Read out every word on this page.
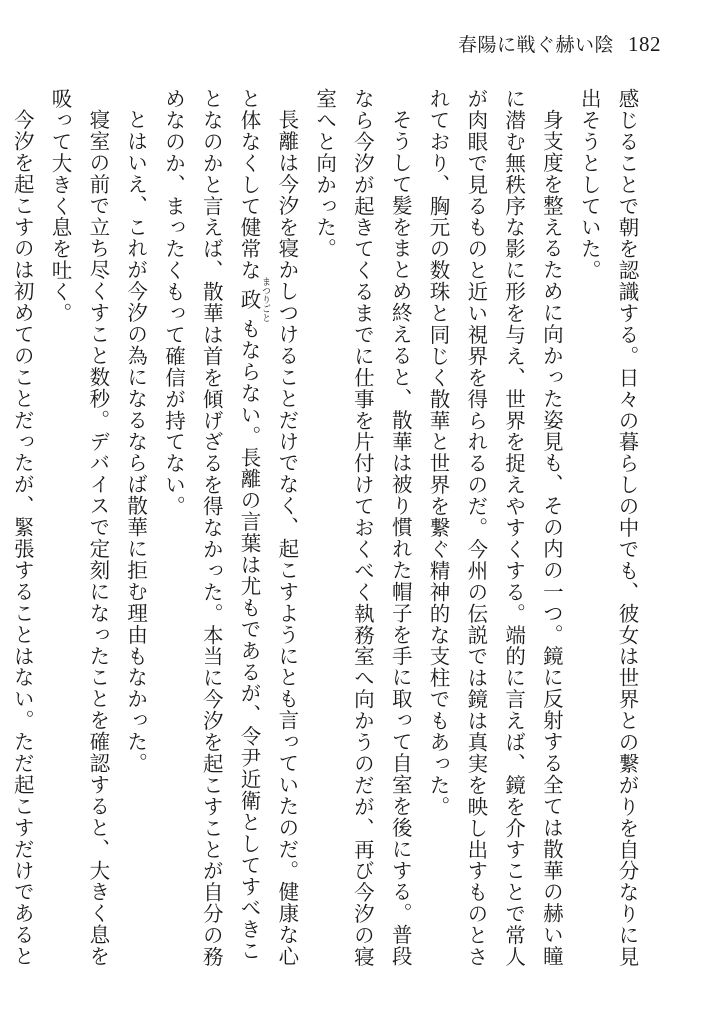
春陽に戦ぐ赫い陰 182

感じることで朝を認識する。日々の暮らしの中でも、彼女は世界との繋がりを自分なりに見出そうとしていた。

身支度を整えるために向かった姿見も、その内の一つ。鏡に反射する全ては散華の赫い瞳に潜む無秩序な影に形を与え、世界を捉えやすくする。端的に言えば、鏡を介すことで常人が肉眼で見るものと近い視界を得られるのだ。今州の伝説では鏡は真実を映し出すものとされており、胸元の数珠と同じく散華と世界を繋ぐ精神的な支柱でもあった。

そうして髪をまとめ終えると、散華は被り慣れた帽子を手に取って自室を後にする。普段なら今汐が起きてくるまでに仕事を片付けておくべく執務室へ向かうのだが、再び今汐の寝室へと向かった。

長離は今汐を寝かしつけることだけでなく、起こすようにとも言っていたのだ。健康な心と体なくして健常な政 まつりごともならない。長離の言葉は尤もであるが、令尹近衛としてすべきことなのかと言えば、散華は首を傾げざるを得なかった。本当に今汐を起こすことが自分の務めなのか、まったくもって確信が持てない。

とはいえ、これが今汐の為になるならば散華に拒む理由もなかった。

寝室の前で立ち尽くすこと数秒。デバイスで定刻になったことを確認すると、大きく息を吸って大きく息を吐く。

今汐を起こすのは初めてのことだったが、緊張することはない。ただ起こすだけであると
